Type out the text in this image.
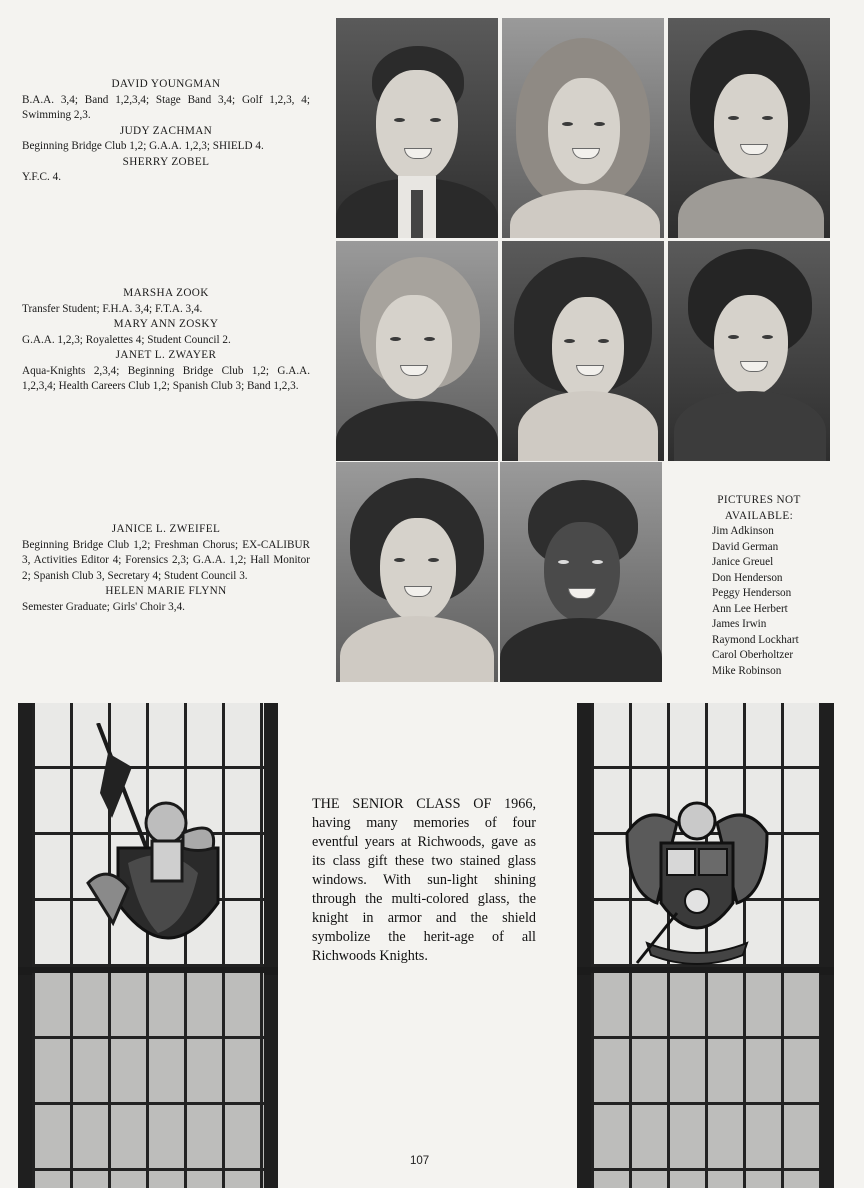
DAVID YOUNGMAN
B.A.A. 3,4; Band 1,2,3,4; Stage Band 3,4; Golf 1,2,3, 4; Swimming 2,3.
JUDY ZACHMAN
Beginning Bridge Club 1,2; G.A.A. 1,2,3; SHIELD 4.
SHERRY ZOBEL
Y.F.C. 4.
MARSHA ZOOK
Transfer Student; F.H.A. 3,4; F.T.A. 3,4.
MARY ANN ZOSKY
G.A.A. 1,2,3; Royalettes 4; Student Council 2.
JANET L. ZWAYER
Aqua-Knights 2,3,4; Beginning Bridge Club 1,2; G.A.A. 1,2,3,4; Health Careers Club 1,2; Spanish Club 3; Band 1,2,3.
JANICE L. ZWEIFEL
Beginning Bridge Club 1,2; Freshman Chorus; EX-CALIBUR 3, Activities Editor 4; Forensics 2,3; G.A.A. 1,2; Hall Monitor 2; Spanish Club 3, Secretary 4; Student Council 3.
HELEN MARIE FLYNN
Semester Graduate; Girls' Choir 3,4.
PICTURES NOT AVAILABLE:
Jim Adkinson
David German
Janice Greuel
Don Henderson
Peggy Henderson
Ann Lee Herbert
James Irwin
Raymond Lockhart
Carol Oberholtzer
Mike Robinson
THE SENIOR CLASS OF 1966, having many memories of four eventful years at Richwoods, gave as its class gift these two stained glass windows. With sun-light shining through the multi-colored glass, the knight in armor and the shield symbolize the herit-age of all Richwoods Knights.
107
